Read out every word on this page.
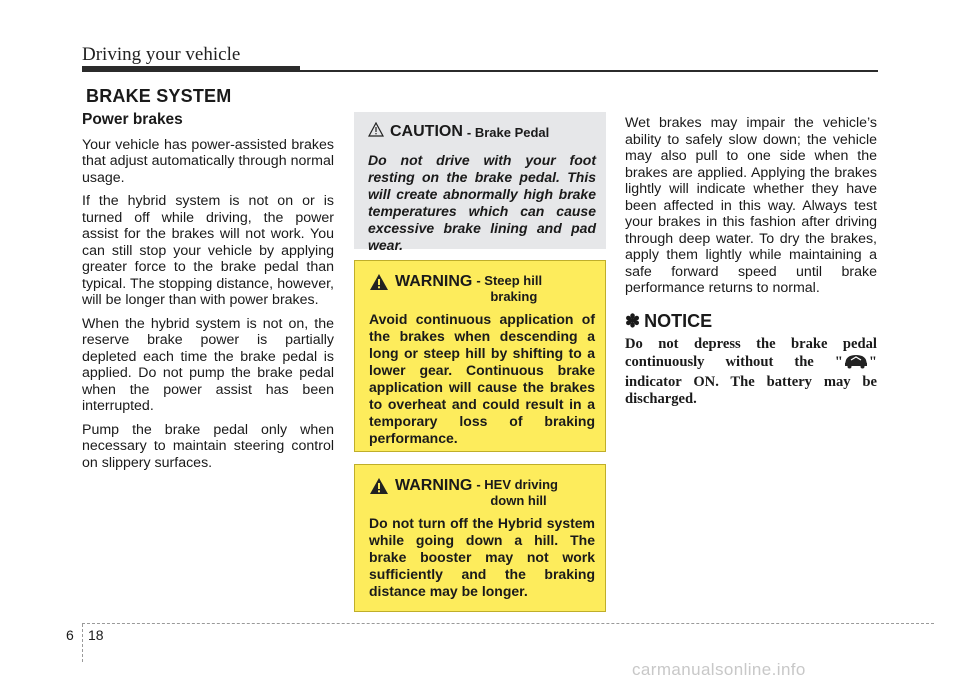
Driving your vehicle
BRAKE SYSTEM
Power brakes

Your vehicle has power-assisted brakes that adjust automatically through normal usage.

If the hybrid system is not on or is turned off while driving, the power assist for the brakes will not work. You can still stop your vehicle by applying greater force to the brake pedal than typical. The stopping distance, however, will be longer than with power brakes.

When the hybrid system is not on, the reserve brake power is partially depleted each time the brake pedal is applied. Do not pump the brake pedal when the power assist has been interrupted.

Pump the brake pedal only when necessary to maintain steering control on slippery surfaces.

CAUTION - Brake Pedal

Do not drive with your foot resting on the brake pedal. This will create abnormally high brake temperatures which can cause excessive brake lining and pad wear.

WARNING - Steep hill
braking

Avoid continuous application of the brakes when descending a long or steep hill by shifting to a lower gear. Continuous brake application will cause the brakes to overheat and could result in a temporary loss of braking performance.

WARNING - HEV driving
down hill

Do not turn off the Hybrid system while going down a hill. The brake booster may not work sufficiently and the braking distance may be longer.

Wet brakes may impair the vehicle’s ability to safely slow down; the vehicle may also pull to one side when the brakes are applied. Applying the brakes lightly will indicate whether they have been affected in this way. Always test your brakes in this fashion after driving through deep water. To dry the brakes, apply them lightly while maintaining a safe forward speed until brake performance returns to normal.

✽ NOTICE

Do not depress the brake pedal continuously without the " " indicator ON. The battery may be discharged.

6 18
carmanualsonline.info
